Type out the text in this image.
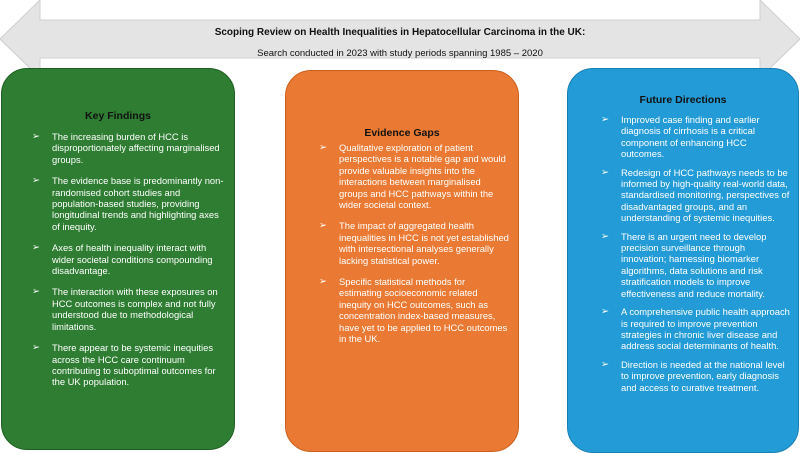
Scoping Review on Health Inequalities in Hepatocellular Carcinoma in the UK:
Search conducted in 2023 with study periods spanning 1985 – 2020
Key Findings
➢ The increasing burden of HCC is disproportionately affecting marginalised groups.
➢ The evidence base is predominantly non-randomised cohort studies and population-based studies, providing longitudinal trends and highlighting axes of inequity.
➢ Axes of health inequality interact with wider societal conditions compounding disadvantage.
➢ The interaction with these exposures on HCC outcomes is complex and not fully understood due to methodological limitations.
➢ There appear to be systemic inequities across the HCC care continuum contributing to suboptimal outcomes for the UK population.
Evidence Gaps
➢ Qualitative exploration of patient perspectives is a notable gap and would provide valuable insights into the interactions between marginalised groups and HCC pathways within the wider societal context.
➢ The impact of aggregated health inequalities in HCC is not yet established with intersectional analyses generally lacking statistical power.
➢ Specific statistical methods for estimating socioeconomic related inequity on HCC outcomes, such as concentration index-based measures, have yet to be applied to HCC outcomes in the UK.
Future Directions
➢ Improved case finding and earlier diagnosis of cirrhosis is a critical component of enhancing HCC outcomes.
➢ Redesign of HCC pathways needs to be informed by high-quality real-world data, standardised monitoring, perspectives of disadvantaged groups, and an understanding of systemic inequities.
➢ There is an urgent need to develop precision surveillance through innovation; harnessing biomarker algorithms, data solutions and risk stratification models to improve effectiveness and reduce mortality.
➢ A comprehensive public health approach is required to improve prevention strategies in chronic liver disease and address social determinants of health.
➢ Direction is needed at the national level to improve prevention, early diagnosis and access to curative treatment.
